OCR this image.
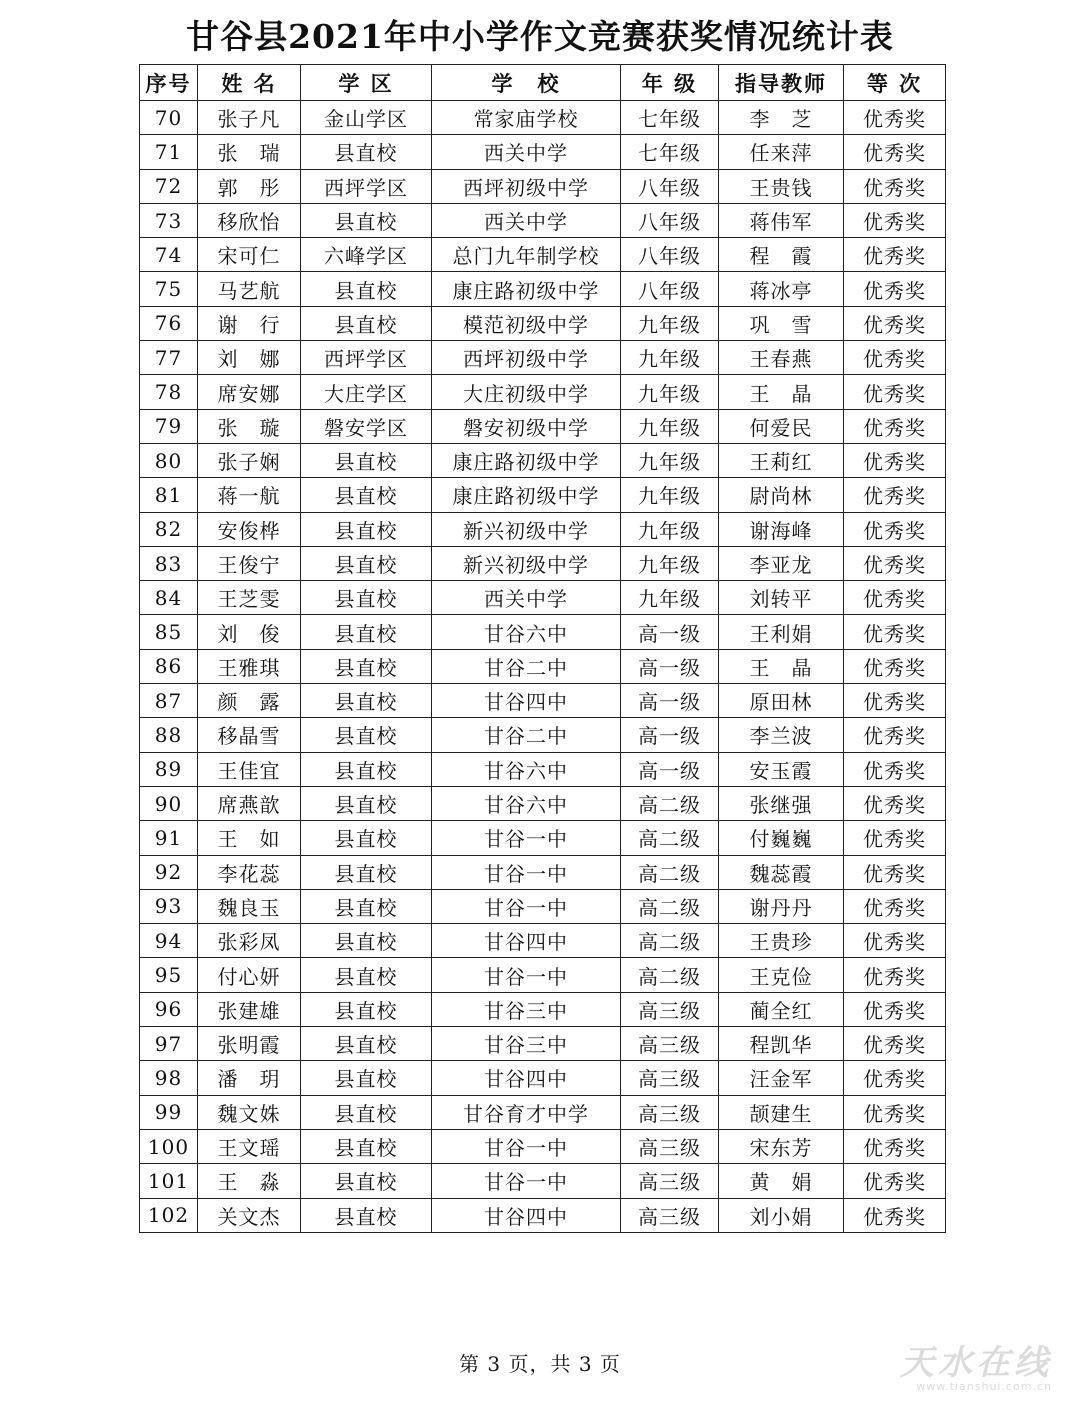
甘谷县2021年中小学作文竞赛获奖情况统计表
序号	姓 名	学 区	学　校	年 级	指导教师	等 次
70	张子凡	金山学区	常家庙学校	七年级	李　芝	优秀奖
71	张　瑞	县直校	西关中学	七年级	任来萍	优秀奖
72	郭　彤	西坪学区	西坪初级中学	八年级	王贵钱	优秀奖
73	移欣怡	县直校	西关中学	八年级	蒋伟军	优秀奖
74	宋可仁	六峰学区	总门九年制学校	八年级	程　霞	优秀奖
75	马艺航	县直校	康庄路初级中学	八年级	蒋冰亭	优秀奖
76	谢　行	县直校	模范初级中学	九年级	巩　雪	优秀奖
77	刘　娜	西坪学区	西坪初级中学	九年级	王春燕	优秀奖
78	席安娜	大庄学区	大庄初级中学	九年级	王　晶	优秀奖
79	张　璇	磐安学区	磐安初级中学	九年级	何爱民	优秀奖
80	张子娴	县直校	康庄路初级中学	九年级	王莉红	优秀奖
81	蒋一航	县直校	康庄路初级中学	九年级	尉尚林	优秀奖
82	安俊桦	县直校	新兴初级中学	九年级	谢海峰	优秀奖
83	王俊宁	县直校	新兴初级中学	九年级	李亚龙	优秀奖
84	王芝雯	县直校	西关中学	九年级	刘转平	优秀奖
85	刘　俊	县直校	甘谷六中	高一级	王利娟	优秀奖
86	王雅琪	县直校	甘谷二中	高一级	王　晶	优秀奖
87	颜　露	县直校	甘谷四中	高一级	原田林	优秀奖
88	移晶雪	县直校	甘谷二中	高一级	李兰波	优秀奖
89	王佳宜	县直校	甘谷六中	高一级	安玉霞	优秀奖
90	席燕歆	县直校	甘谷六中	高二级	张继强	优秀奖
91	王　如	县直校	甘谷一中	高二级	付巍巍	优秀奖
92	李花蕊	县直校	甘谷一中	高二级	魏蕊霞	优秀奖
93	魏良玉	县直校	甘谷一中	高二级	谢丹丹	优秀奖
94	张彩凤	县直校	甘谷四中	高二级	王贵珍	优秀奖
95	付心妍	县直校	甘谷一中	高二级	王克俭	优秀奖
96	张建雄	县直校	甘谷三中	高三级	蔺全红	优秀奖
97	张明霞	县直校	甘谷三中	高三级	程凯华	优秀奖
98	潘　玥	县直校	甘谷四中	高三级	汪金军	优秀奖
99	魏文姝	县直校	甘谷育才中学	高三级	颉建生	优秀奖
100	王文瑶	县直校	甘谷一中	高三级	宋东芳	优秀奖
101	王　淼	县直校	甘谷一中	高三级	黄　娟	优秀奖
102	关文杰	县直校	甘谷四中	高三级	刘小娟	优秀奖
第 3 页，共 3 页	天水在线
www.tianshui.com.cn
